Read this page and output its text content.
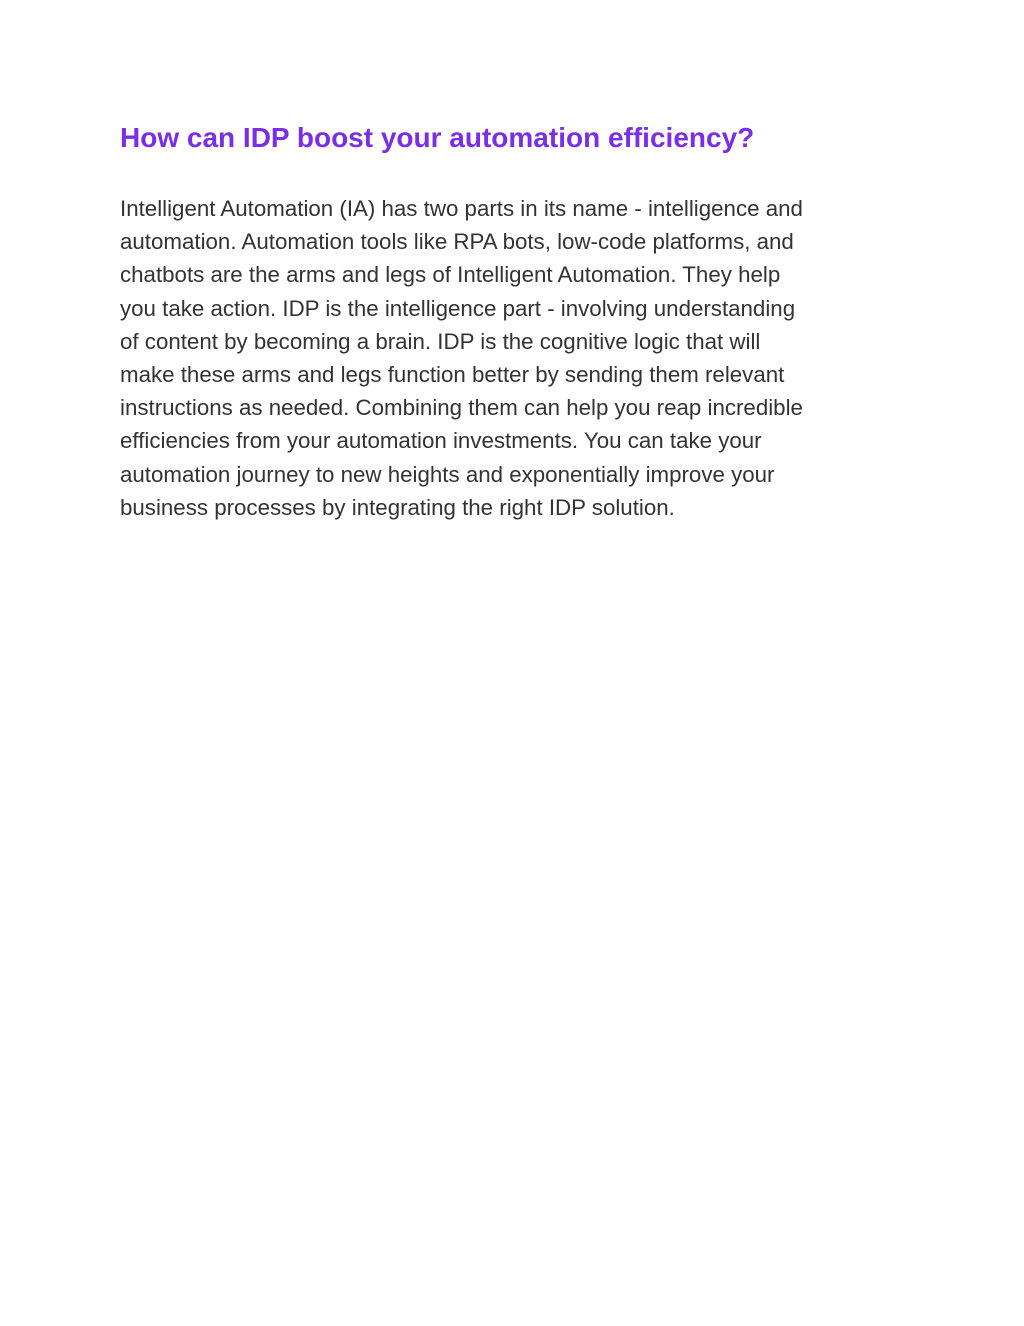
How can IDP boost your automation efficiency?

Intelligent Automation (IA) has two parts in its name - intelligence and
automation. Automation tools like RPA bots, low-code platforms, and
chatbots are the arms and legs of Intelligent Automation. They help
you take action. IDP is the intelligence part - involving understanding
of content by becoming a brain. IDP is the cognitive logic that will
make these arms and legs function better by sending them relevant
instructions as needed. Combining them can help you reap incredible
efficiencies from your automation investments. You can take your
automation journey to new heights and exponentially improve your
business processes by integrating the right IDP solution.
